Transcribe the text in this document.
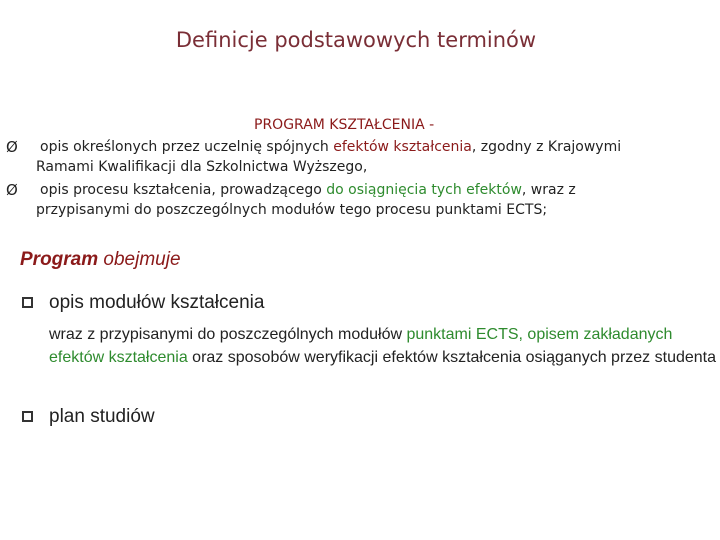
Definicje podstawowych terminów
PROGRAM KSZTAŁCENIA -
Ø	opis określonych przez uczelnię spójnych efektów kształcenia, zgodny z Krajowymi
Ramami Kwalifikacji dla Szkolnictwa Wyższego,
Ø	opis procesu kształcenia, prowadzącego do osiągnięcia tych efektów, wraz z
przypisanymi do poszczególnych modułów tego procesu punktami ECTS;
Program obejmuje
opis modułów kształcenia
wraz z przypisanymi do poszczególnych modułów punktami ECTS, opisem zakładanych efektów kształcenia oraz sposobów weryfikacji efektów kształcenia osiąganych przez studenta
plan studiów
